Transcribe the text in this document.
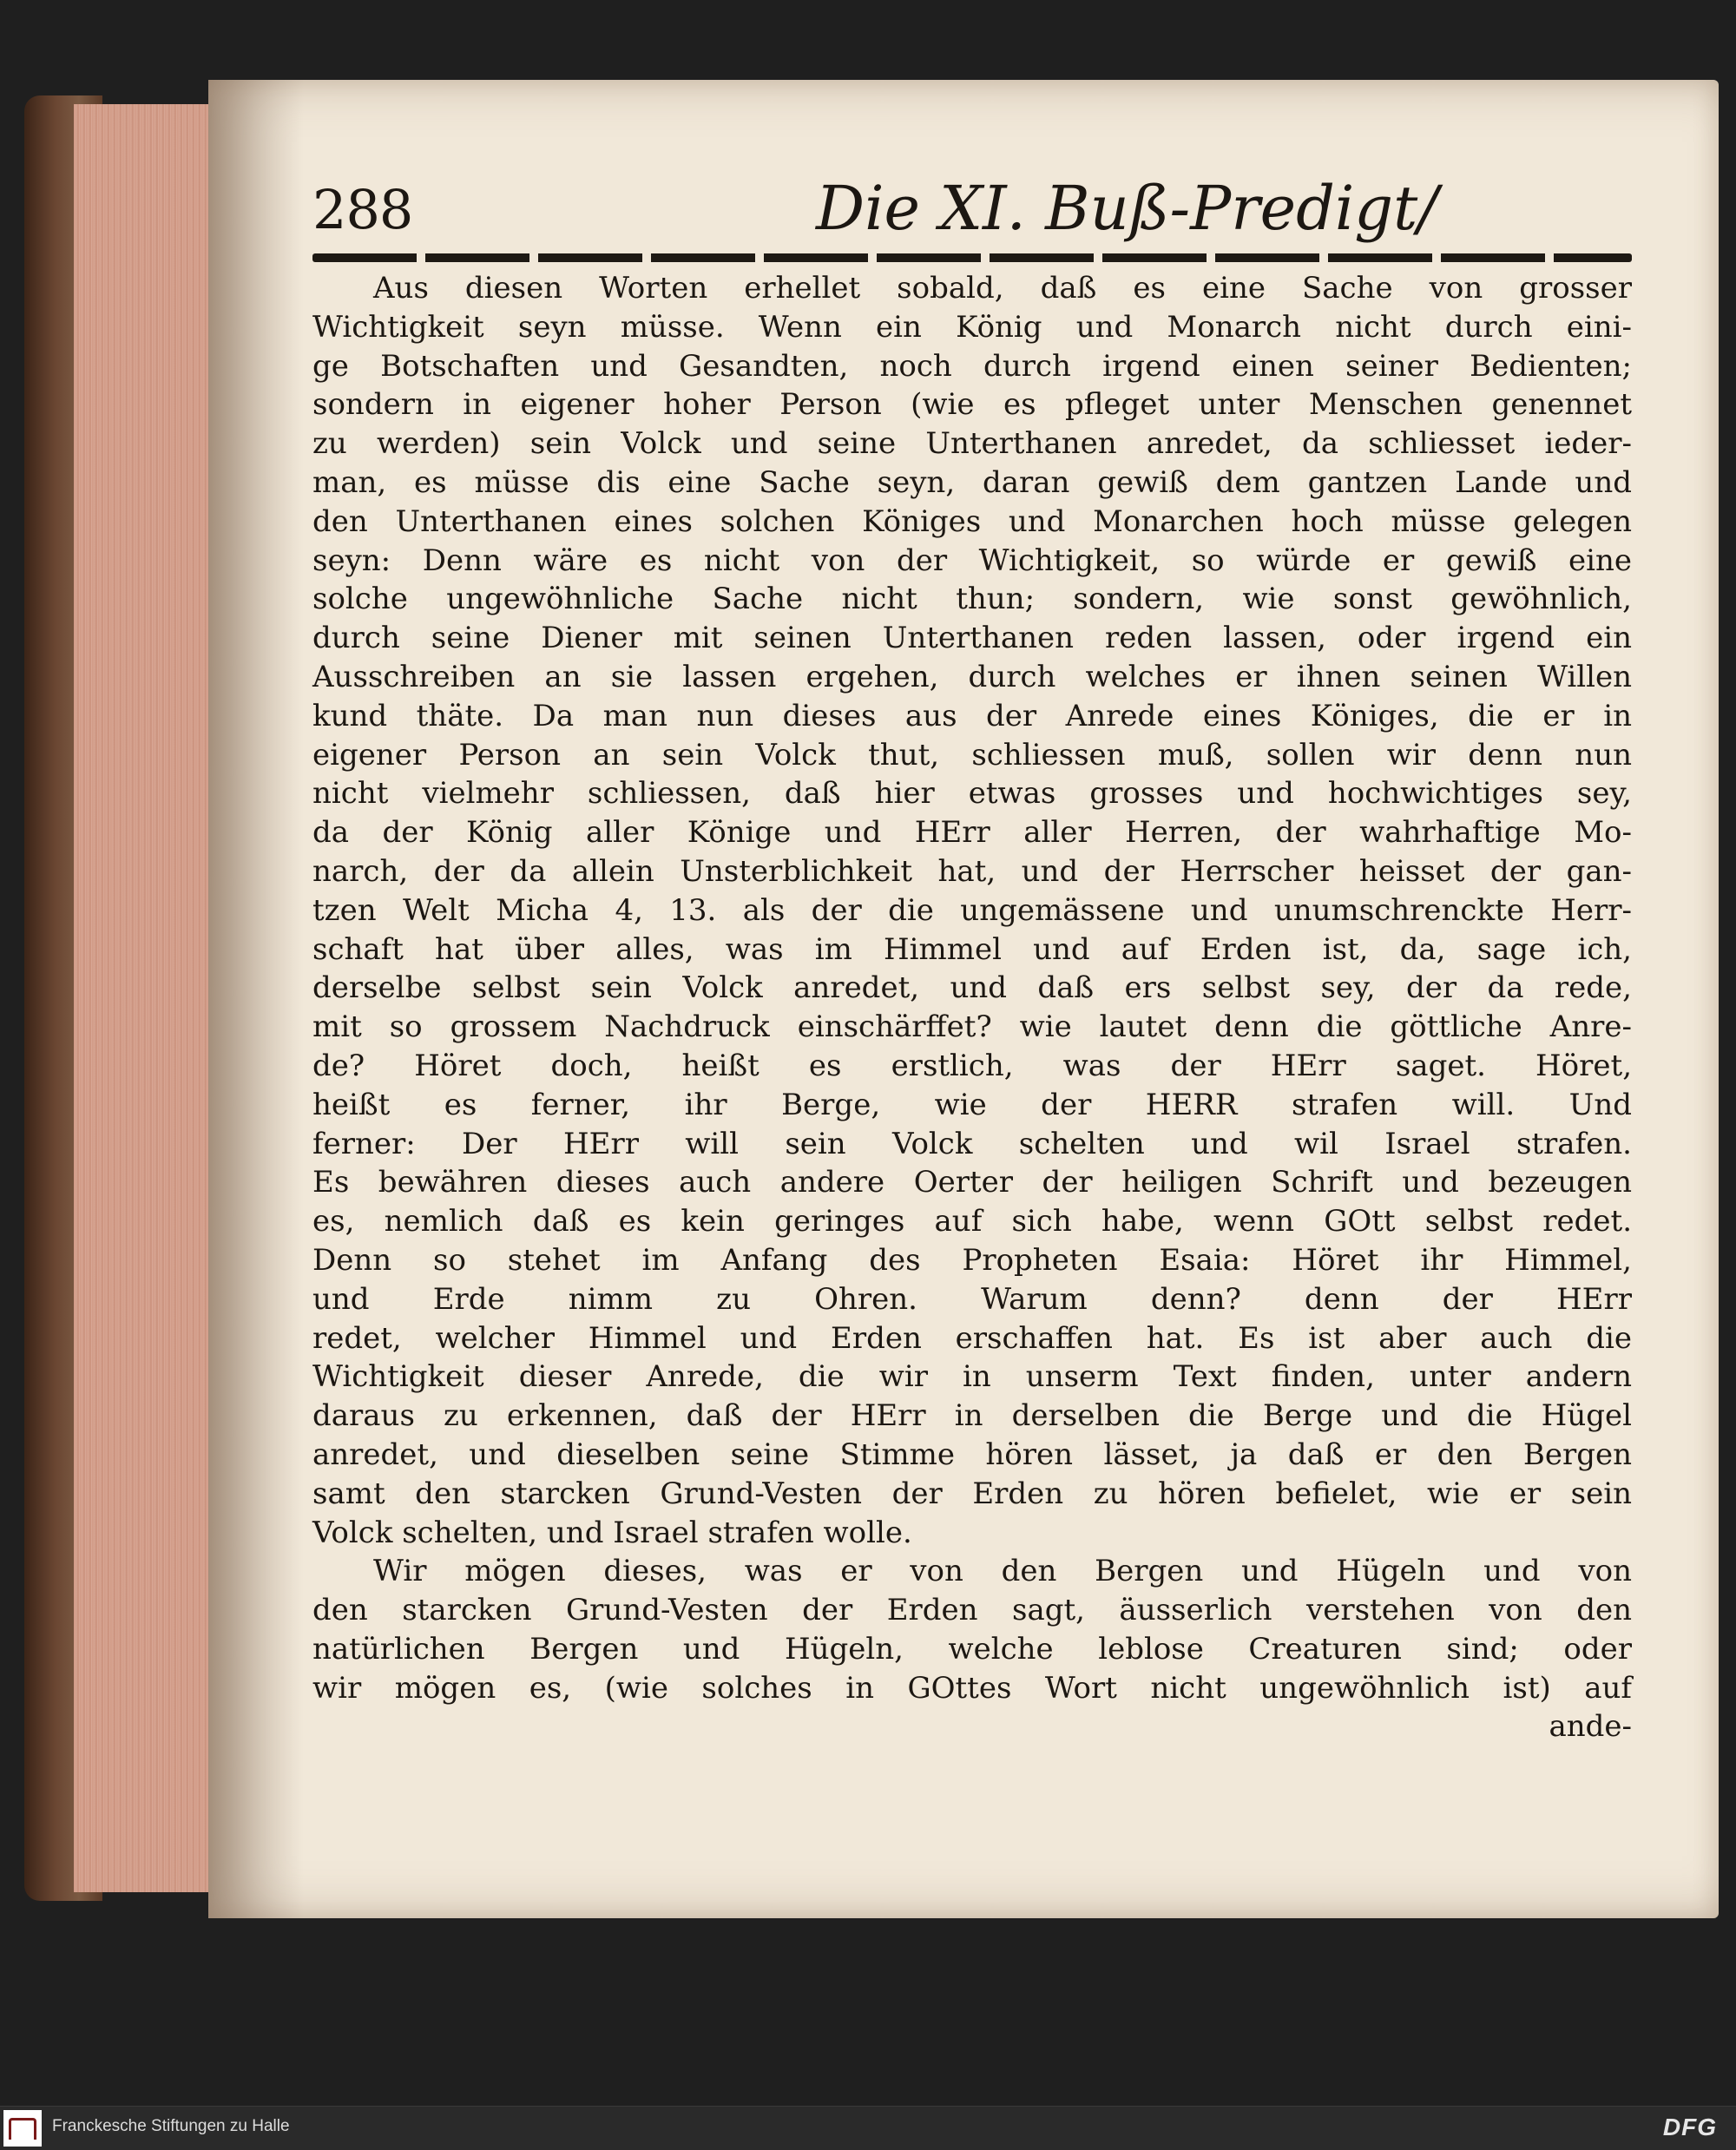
288	Die XI. Buß-Predigt/
Aus diesen Worten erhellet sobald, daß es eine Sache von grosser
Wichtigkeit seyn müsse. Wenn ein König und Monarch nicht durch eini-
ge Botschaften und Gesandten, noch durch irgend einen seiner Bedienten;
sondern in eigener hoher Person (wie es pfleget unter Menschen genennet
zu werden) sein Volck und seine Unterthanen anredet, da schliesset ieder-
man, es müsse dis eine Sache seyn, daran gewiß dem gantzen Lande und
den Unterthanen eines solchen Königes und Monarchen hoch müsse gelegen
seyn: Denn wäre es nicht von der Wichtigkeit, so würde er gewiß eine
solche ungewöhnliche Sache nicht thun; sondern, wie sonst gewöhnlich,
durch seine Diener mit seinen Unterthanen reden lassen, oder irgend ein
Ausschreiben an sie lassen ergehen, durch welches er ihnen seinen Willen
kund thäte. Da man nun dieses aus der Anrede eines Königes, die er in
eigener Person an sein Volck thut, schliessen muß, sollen wir denn nun
nicht vielmehr schliessen, daß hier etwas grosses und hochwichtiges sey,
da der König aller Könige und HErr aller Herren, der wahrhaftige Mo-
narch, der da allein Unsterblichkeit hat, und der Herrscher heisset der gan-
tzen Welt Micha 4, 13. als der die ungemässene und unumschrenckte Herr-
schaft hat über alles, was im Himmel und auf Erden ist, da, sage ich,
derselbe selbst sein Volck anredet, und daß ers selbst sey, der da rede,
mit so grossem Nachdruck einschärffet? wie lautet denn die göttliche Anre-
de? Höret doch, heißt es erstlich, was der HErr saget. Höret,
heißt es ferner, ihr Berge, wie der HERR strafen will. Und
ferner: Der HErr will sein Volck schelten und wil Israel strafen.
Es bewähren dieses auch andere Oerter der heiligen Schrift und bezeugen
es, nemlich daß es kein geringes auf sich habe, wenn GOtt selbst redet.
Denn so stehet im Anfang des Propheten Esaia: Höret ihr Himmel,
und Erde nimm zu Ohren. Warum denn? denn der HErr
redet, welcher Himmel und Erden erschaffen hat. Es ist aber auch die
Wichtigkeit dieser Anrede, die wir in unserm Text finden, unter andern
daraus zu erkennen, daß der HErr in derselben die Berge und die Hügel
anredet, und dieselben seine Stimme hören lässet, ja daß er den Bergen
samt den starcken Grund-Vesten der Erden zu hören befielet, wie er sein
Volck schelten, und Israel strafen wolle.
Wir mögen dieses, was er von den Bergen und Hügeln und von
den starcken Grund-Vesten der Erden sagt, äusserlich verstehen von den
natürlichen Bergen und Hügeln, welche leblose Creaturen sind; oder
wir mögen es, (wie solches in GOttes Wort nicht ungewöhnlich ist) auf
ande-
Franckesche Stiftungen zu Halle	DFG
